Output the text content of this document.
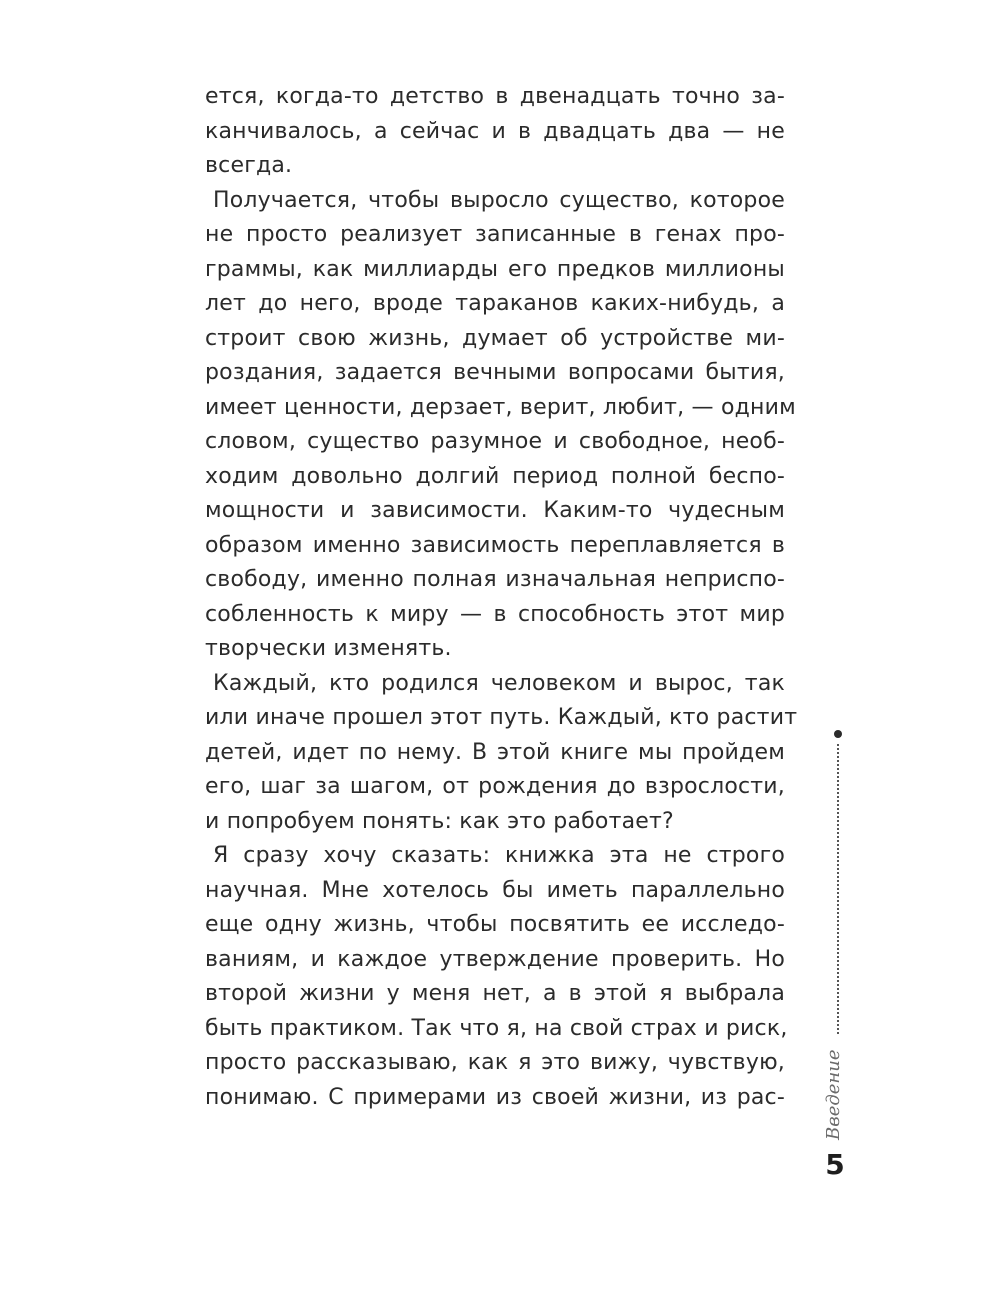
ется, когда-то детство в двенадцать точно за-
канчивалось, а сейчас и в двадцать два — не
всегда.
Получается, чтобы выросло существо, которое
не просто реализует записанные в генах про-
граммы, как миллиарды его предков миллионы
лет до него, вроде тараканов каких-нибудь, а
строит свою жизнь, думает об устройстве ми-
роздания, задается вечными вопросами бытия,
имеет ценности, дерзает, верит, любит, — одним
словом, существо разумное и свободное, необ-
ходим довольно долгий период полной беспо-
мощности и зависимости. Каким-то чудесным
образом именно зависимость переплавляется в
свободу, именно полная изначальная неприспо-
собленность к миру — в способность этот мир
творчески изменять.
Каждый, кто родился человеком и вырос, так
или иначе прошел этот путь. Каждый, кто растит
детей, идет по нему. В этой книге мы пройдем
его, шаг за шагом, от рождения до взрослости,
и попробуем понять: как это работает?
Я сразу хочу сказать: книжка эта не строго
научная. Мне хотелось бы иметь параллельно
еще одну жизнь, чтобы посвятить ее исследо-
ваниям, и каждое утверждение проверить. Но
второй жизни у меня нет, а в этой я выбрала
быть практиком. Так что я, на свой страх и риск,
просто рассказываю, как я это вижу, чувствую,
понимаю. С примерами из своей жизни, из рас- Введение
5
